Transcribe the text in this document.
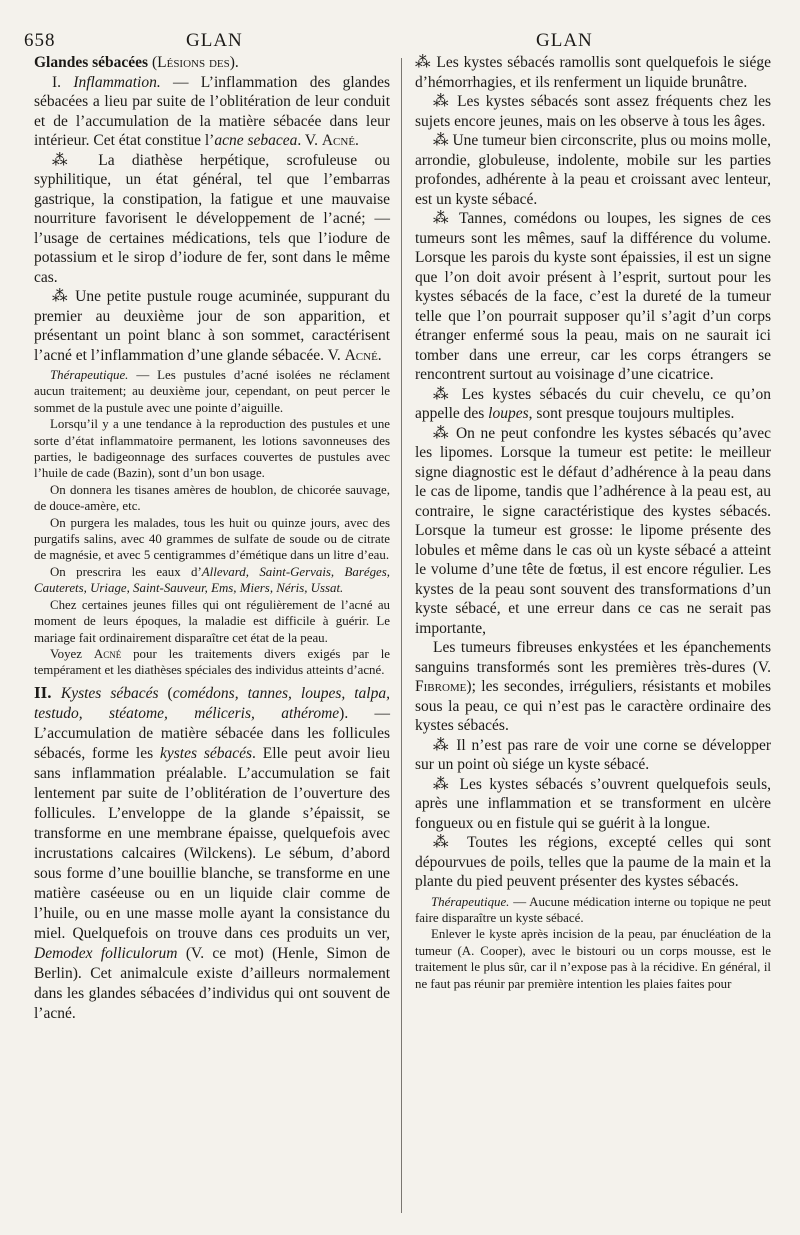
658	GLAN	GLAN

Glandes sébacées (Lésions des).

I. Inflammation. — L’inflammation des glandes sébacées a lieu par suite de l’oblitération de leur conduit et de l’accumulation de la matière sébacée dans leur intérieur. Cet état constitue l’acne sebacea. V. Acné.

⁂ La diathèse herpétique, scrofuleuse ou syphilitique, un état général, tel que l’embarras gastrique, la constipation, la fatigue et une mauvaise nourriture favorisent le développement de l’acné; — l’usage de certaines médications, tels que l’iodure de potassium et le sirop d’iodure de fer, sont dans le même cas.

⁂ Une petite pustule rouge acuminée, suppurant du premier au deuxième jour de son apparition, et présentant un point blanc à son sommet, caractérisent l’acné et l’inflammation d’une glande sébacée. V. Acné.

Thérapeutique. — Les pustules d’acné isolées ne réclament aucun traitement; au deuxième jour, cependant, on peut percer le sommet de la pustule avec une pointe d’aiguille.

Lorsqu’il y a une tendance à la reproduction des pustules et une sorte d’état inflammatoire permanent, les lotions savonneuses des parties, le badigeonnage des surfaces couvertes de pustules avec l’huile de cade (Bazin), sont d’un bon usage.

On donnera les tisanes amères de houblon, de chicorée sauvage, de douce-amère, etc.

On purgera les malades, tous les huit ou quinze jours, avec des purgatifs salins, avec 40 grammes de sulfate de soude ou de citrate de magnésie, et avec 5 centigrammes d’émétique dans un litre d’eau.

On prescrira les eaux d’Allevard, Saint-Gervais, Baréges, Cauterets, Uriage, Saint-Sauveur, Ems, Miers, Néris, Ussat.

Chez certaines jeunes filles qui ont régulièrement de l’acné au moment de leurs époques, la maladie est difficile à guérir. Le mariage fait ordinairement disparaître cet état de la peau.

Voyez Acné pour les traitements divers exigés par le tempérament et les diathèses spéciales des individus atteints d’acné.

II. Kystes sébacés (comédons, tannes, loupes, talpa, testudo, stéatome, méliceris, athérome). — L’accumulation de matière sébacée dans les follicules sébacés, forme les kystes sébacés. Elle peut avoir lieu sans inflammation préalable. L’accumulation se fait lentement par suite de l’oblitération de l’ouverture des follicules. L’enveloppe de la glande s’épaissit, se transforme en une membrane épaisse, quelquefois avec incrustations calcaires (Wilckens). Le sébum, d’abord sous forme d’une bouillie blanche, se transforme en une matière caséeuse ou en un liquide clair comme de l’huile, ou en une masse molle ayant la consistance du miel. Quelquefois on trouve dans ces produits un ver, Demodex folliculorum (V. ce mot) (Henle, Simon de Berlin). Cet animalcule existe d’ailleurs normalement dans les glandes sébacées d’individus qui ont souvent de l’acné.

⁂ Les kystes sébacés ramollis sont quelquefois le siége d’hémorrhagies, et ils renferment un liquide brunâtre.

⁂ Les kystes sébacés sont assez fréquents chez les sujets encore jeunes, mais on les observe à tous les âges.

⁂ Une tumeur bien circonscrite, plus ou moins molle, arrondie, globuleuse, indolente, mobile sur les parties profondes, adhérente à la peau et croissant avec lenteur, est un kyste sébacé.

⁂ Tannes, comédons ou loupes, les signes de ces tumeurs sont les mêmes, sauf la différence du volume. Lorsque les parois du kyste sont épaissies, il est un signe que l’on doit avoir présent à l’esprit, surtout pour les kystes sébacés de la face, c’est la dureté de la tumeur telle que l’on pourrait supposer qu’il s’agit d’un corps étranger enfermé sous la peau, mais on ne saurait ici tomber dans une erreur, car les corps étrangers se rencontrent surtout au voisinage d’une cicatrice.

⁂ Les kystes sébacés du cuir chevelu, ce qu’on appelle des loupes, sont presque toujours multiples.

⁂ On ne peut confondre les kystes sébacés qu’avec les lipomes. Lorsque la tumeur est petite: le meilleur signe diagnostic est le défaut d’adhérence à la peau dans le cas de lipome, tandis que l’adhérence à la peau est, au contraire, le signe caractéristique des kystes sébacés. Lorsque la tumeur est grosse: le lipome présente des lobules et même dans le cas où un kyste sébacé a atteint le volume d’une tête de fœtus, il est encore régulier. Les kystes de la peau sont souvent des transformations d’un kyste sébacé, et une erreur dans ce cas ne serait pas importante,

Les tumeurs fibreuses enkystées et les épanchements sanguins transformés sont les premières très-dures (V. Fibrome); les secondes, irréguliers, résistants et mobiles sous la peau, ce qui n’est pas le caractère ordinaire des kystes sébacés.

⁂ Il n’est pas rare de voir une corne se développer sur un point où siége un kyste sébacé.

⁂ Les kystes sébacés s’ouvrent quelquefois seuls, après une inflammation et se transforment en ulcère fongueux ou en fistule qui se guérit à la longue.

⁂ Toutes les régions, excepté celles qui sont dépourvues de poils, telles que la paume de la main et la plante du pied peuvent présenter des kystes sébacés.

Thérapeutique. — Aucune médication interne ou topique ne peut faire disparaître un kyste sébacé.

Enlever le kyste après incision de la peau, par énucléation de la tumeur (A. Cooper), avec le bistouri ou un corps mousse, est le traitement le plus sûr, car il n’expose pas à la récidive. En général, il ne faut pas réunir par première intention les plaies faites pour
